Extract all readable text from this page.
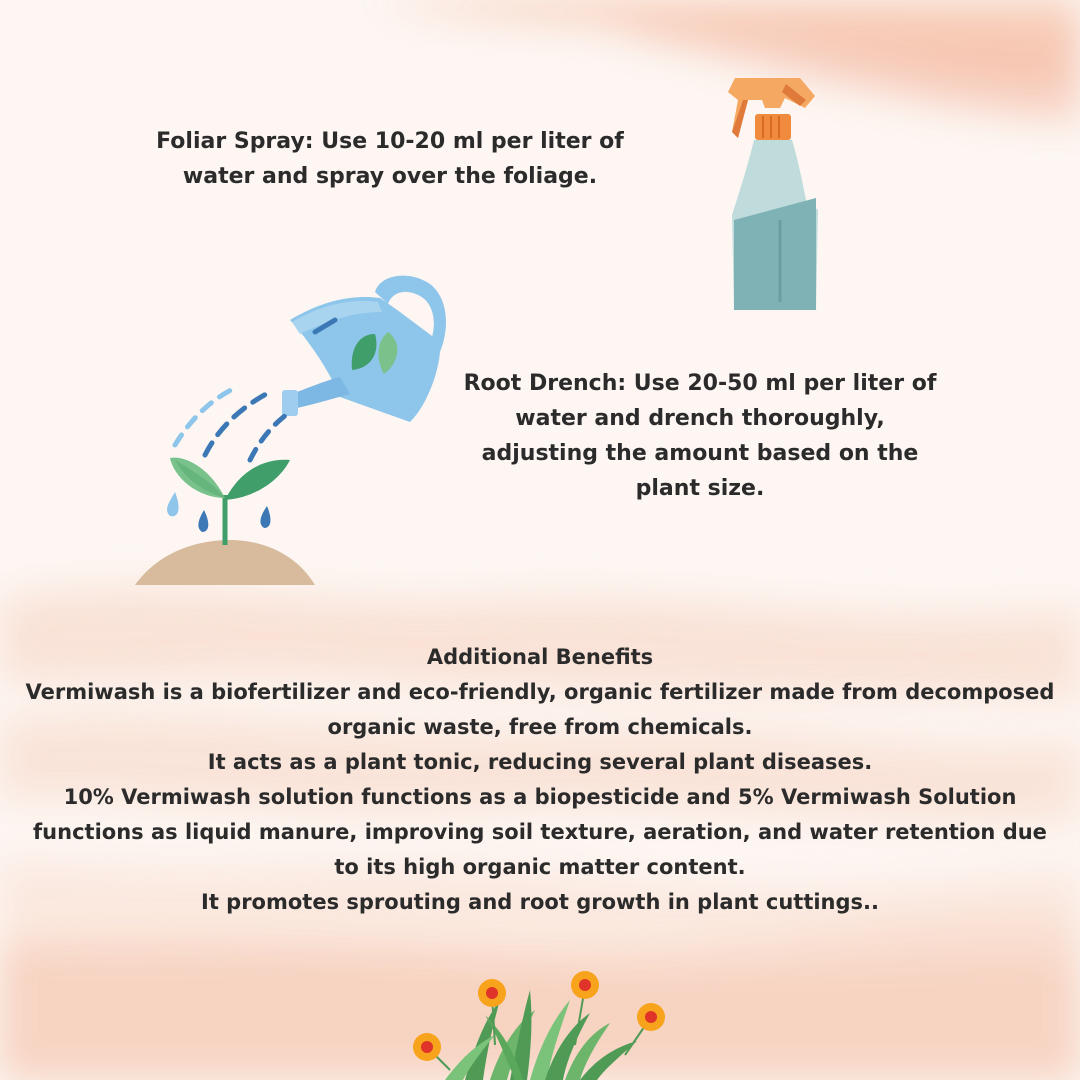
Foliar Spray: Use 10-20 ml per liter of water and spray over the foliage.
Root Drench: Use 20-50 ml per liter of water and drench thoroughly, adjusting the amount based on the plant size.

Additional Benefits

Vermiwash is a biofertilizer and eco-friendly, organic fertilizer made from decomposed organic waste, free from chemicals.

It acts as a plant tonic, reducing several plant diseases.

10% Vermiwash solution functions as a biopesticide and 5% Vermiwash Solution functions as liquid manure, improving soil texture, aeration, and water retention due to its high organic matter content.

It promotes sprouting and root growth in plant cuttings..
